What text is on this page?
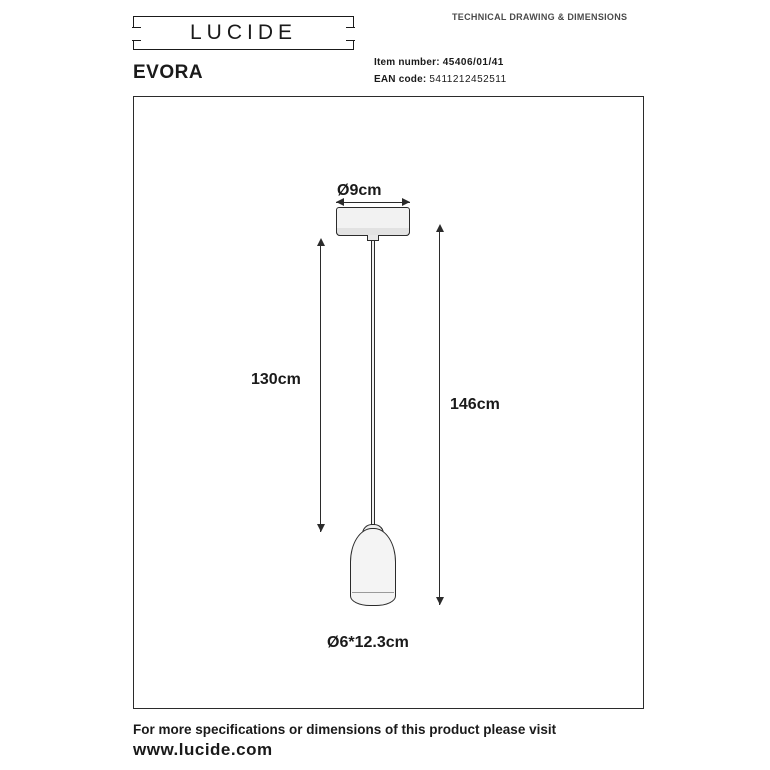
LUCIDE
TECHNICAL DRAWING & DIMENSIONS
EVORA	Item number: 45406/01/41
EAN code: 5411212452511
Ø9cm
130cm
146cm
Ø6*12.3cm
For more specifications or dimensions of this product please visit
www.lucide.com
